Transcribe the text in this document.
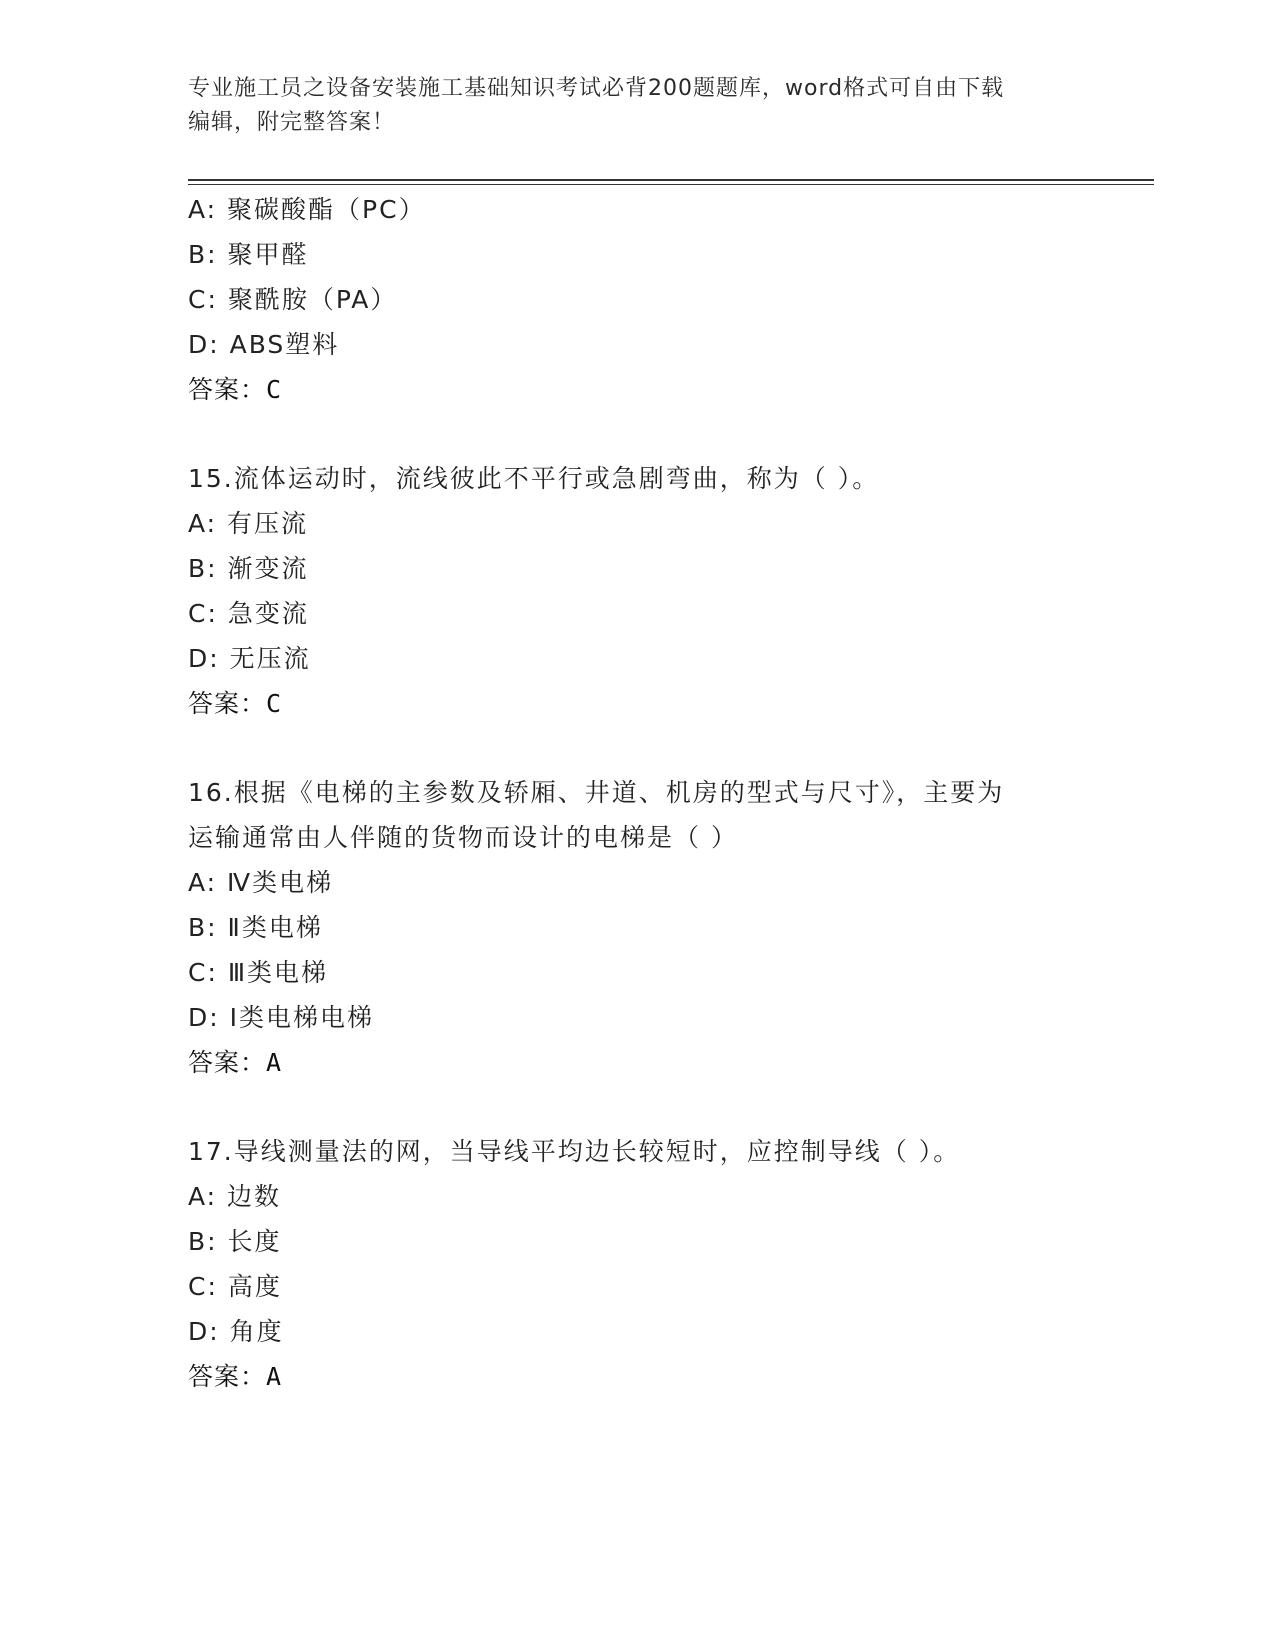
专业施工员之设备安装施工基础知识考试必背200题题库，word格式可自由下载
编辑，附完整答案！
A: 聚碳酸酯（PC）
B: 聚甲醛
C: 聚酰胺（PA）
D: ABS塑料
答案：C
15.流体运动时，流线彼此不平行或急剧弯曲，称为（ ）。
A: 有压流
B: 渐变流
C: 急变流
D: 无压流
答案：C
16.根据《电梯的主参数及轿厢、井道、机房的型式与尺寸》，主要为
运输通常由人伴随的货物而设计的电梯是（ ）
A: Ⅳ类电梯
B: Ⅱ类电梯
C: Ⅲ类电梯
D: Ⅰ类电梯电梯
答案：A
17.导线测量法的网，当导线平均边长较短时，应控制导线（ ）。
A: 边数
B: 长度
C: 高度
D: 角度
答案：A
